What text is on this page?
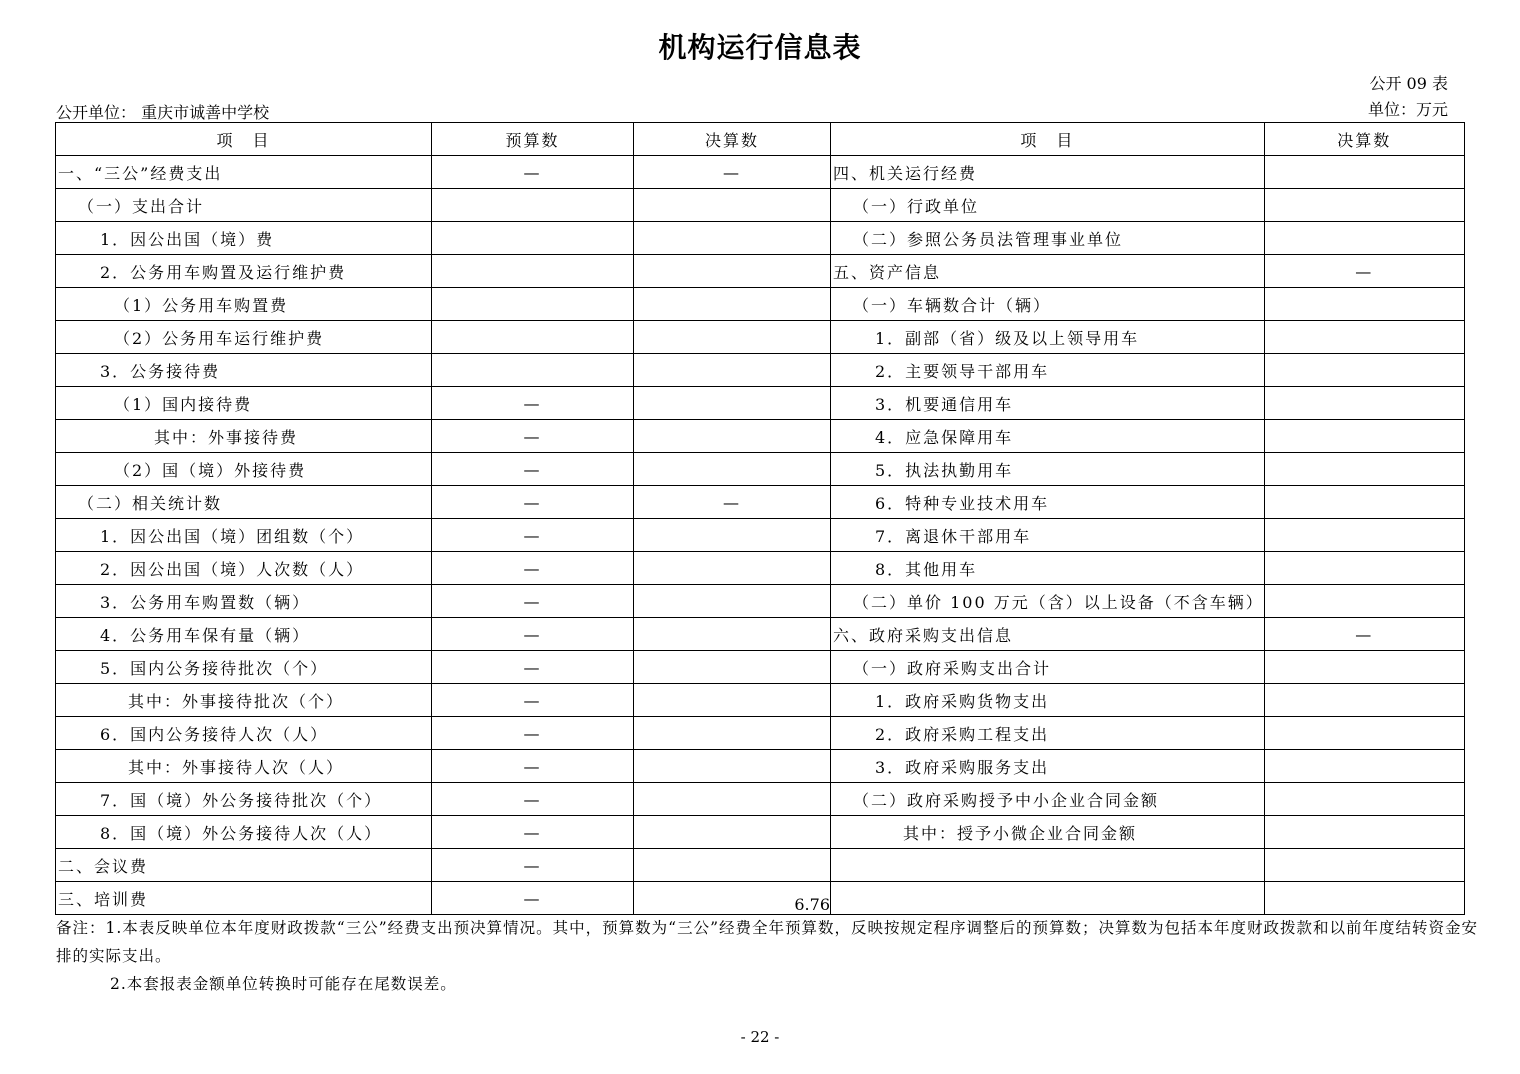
机构运行信息表
公开 09 表
单位：万元
公开单位： 重庆市诚善中学校
项　目	预算数	决算数	项　目	决算数
一、“三公”经费支出	—	—	四、机关运行经费	
（一）支出合计			（一）行政单位	
1．因公出国（境）费			（二）参照公务员法管理事业单位	
2．公务用车购置及运行维护费			五、资产信息	—
（1）公务用车购置费			（一）车辆数合计（辆）	
（2）公务用车运行维护费			1．副部（省）级及以上领导用车	
3．公务接待费			2．主要领导干部用车	
（1）国内接待费	—		3．机要通信用车	
其中：外事接待费	—		4．应急保障用车	
（2）国（境）外接待费	—		5．执法执勤用车	
（二）相关统计数	—	—	6．特种专业技术用车	
1．因公出国（境）团组数（个）	—		7．离退休干部用车	
2．因公出国（境）人次数（人）	—		8．其他用车	
3．公务用车购置数（辆）	—		（二）单价 100 万元（含）以上设备（不含车辆）	
4．公务用车保有量（辆）	—		六、政府采购支出信息	—
5．国内公务接待批次（个）	—		（一）政府采购支出合计	
其中：外事接待批次（个）	—		1．政府采购货物支出	
6．国内公务接待人次（人）	—		2．政府采购工程支出	
其中：外事接待人次（人）	—		3．政府采购服务支出	
7．国（境）外公务接待批次（个）	—		（二）政府采购授予中小企业合同金额	
8．国（境）外公务接待人次（人）	—		其中：授予小微企业合同金额	
二、会议费	—			
三、培训费	—	6.76		

备注：1.本表反映单位本年度财政拨款“三公”经费支出预决算情况。其中，预算数为“三公”经费全年预算数，反映按规定程序调整后的预算数；决算数为包括本年度财政拨款和以前年度结转资金安排的实际支出。

2.本套报表金额单位转换时可能存在尾数误差。

- 22 -
